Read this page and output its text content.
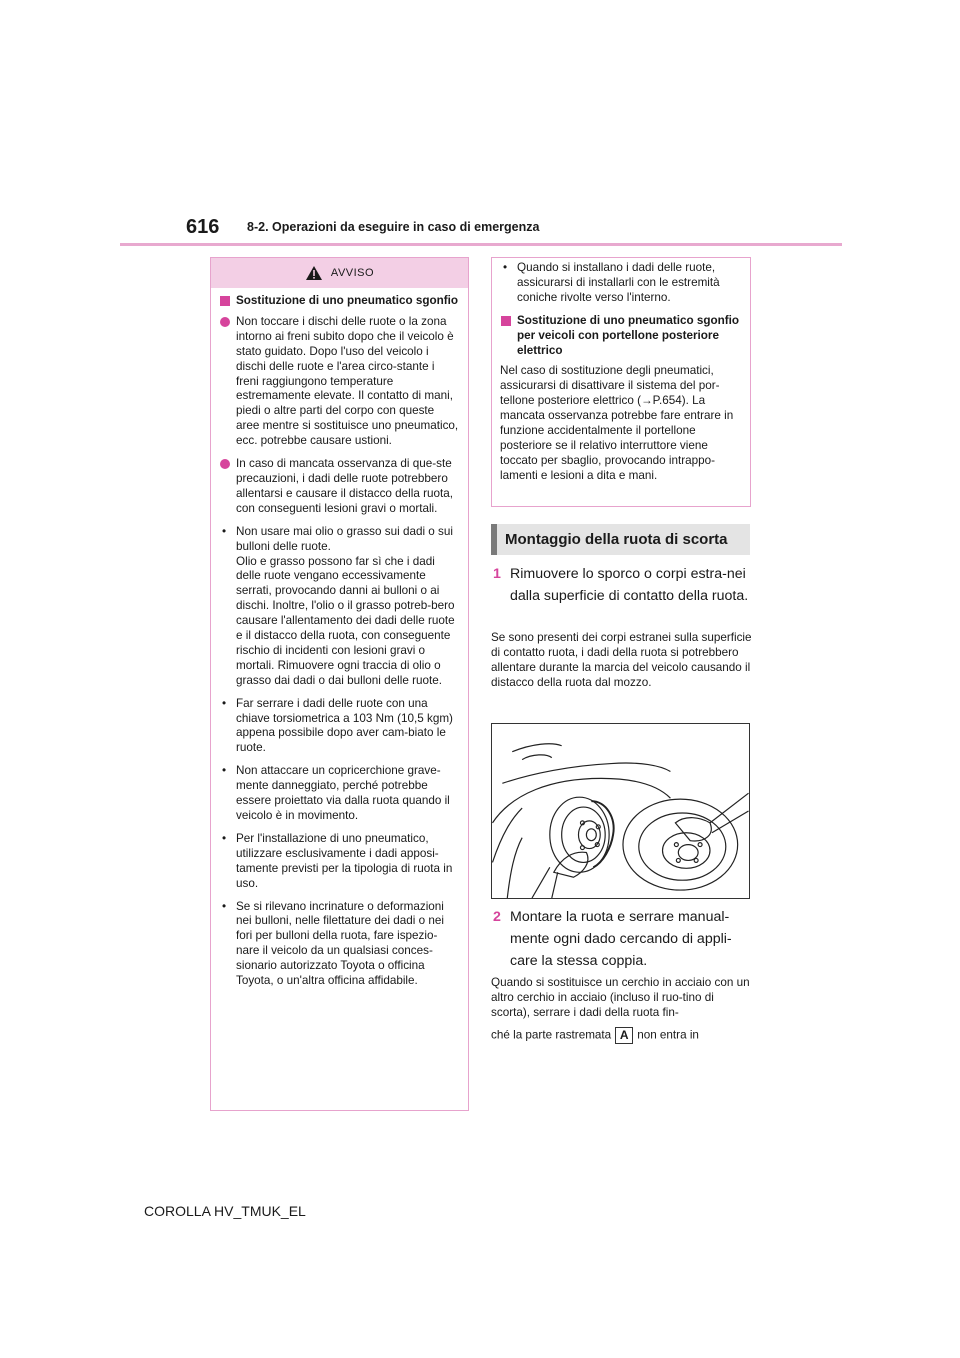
616 8-2. Operazioni da eseguire in caso di emergenza
AVVISO
Sostituzione di uno pneumatico sgonfio
Non toccare i dischi delle ruote o la zona intorno ai freni subito dopo che il veicolo è stato guidato. Dopo l'uso del veicolo i dischi delle ruote e l'area circo-stante i freni raggiungono temperature estremamente elevate. Il contatto di mani, piedi o altre parti del corpo con queste aree mentre si sostituisce uno pneumatico, ecc. potrebbe causare ustioni.
In caso di mancata osservanza di que-ste precauzioni, i dadi delle ruote potrebbero allentarsi e causare il distacco della ruota, con conseguenti lesioni gravi o mortali.
• Non usare mai olio o grasso sui dadi o sui bulloni delle ruote.
Olio e grasso possono far sì che i dadi delle ruote vengano eccessivamente serrati, provocando danni ai bulloni o ai dischi. Inoltre, l'olio o il grasso potreb-bero causare l'allentamento dei dadi delle ruote e il distacco della ruota, con conseguente rischio di incidenti con lesioni gravi o mortali. Rimuovere ogni traccia di olio o grasso dai dadi o dai bulloni delle ruote.
• Far serrare i dadi delle ruote con una chiave torsiometrica a 103 Nm (10,5 kgm) appena possibile dopo aver cam-biato le ruote.
• Non attaccare un copricerchione grave-mente danneggiato, perché potrebbe essere proiettato via dalla ruota quando il veicolo è in movimento.
• Per l'installazione di uno pneumatico, utilizzare esclusivamente i dadi apposi-tamente previsti per la tipologia di ruota in uso.
• Se si rilevano incrinature o deformazioni nei bulloni, nelle filettature dei dadi o nei fori per bulloni della ruota, fare ispezio-nare il veicolo da un qualsiasi conces-sionario autorizzato Toyota o officina Toyota, o un'altra officina affidabile.
• Quando si installano i dadi delle ruote, assicurarsi di installarli con le estremità coniche rivolte verso l'interno.
Sostituzione di uno pneumatico sgonfio per veicoli con portellone posteriore elettrico
Nel caso di sostituzione degli pneumatici, assicurarsi di disattivare il sistema del por-tellone posteriore elettrico (→P.654). La mancata osservanza potrebbe fare entrare in funzione accidentalmente il portellone posteriore se il relativo interruttore viene toccato per sbaglio, provocando intrappo-lamenti e lesioni a dita e mani.
Montaggio della ruota di scorta
1 Rimuovere lo sporco o corpi estra-nei dalla superficie di contatto della ruota.
Se sono presenti dei corpi estranei sulla superficie di contatto ruota, i dadi della ruota si potrebbero allentare durante la marcia del veicolo causando il distacco della ruota dal mozzo.
2 Montare la ruota e serrare manual-mente ogni dado cercando di appli-care la stessa coppia.
Quando si sostituisce un cerchio in acciaio con un altro cerchio in acciaio (incluso il ruo-tino di scorta), serrare i dadi della ruota fin-
ché la parte rastremata A non entra in
COROLLA HV_TMUK_EL
